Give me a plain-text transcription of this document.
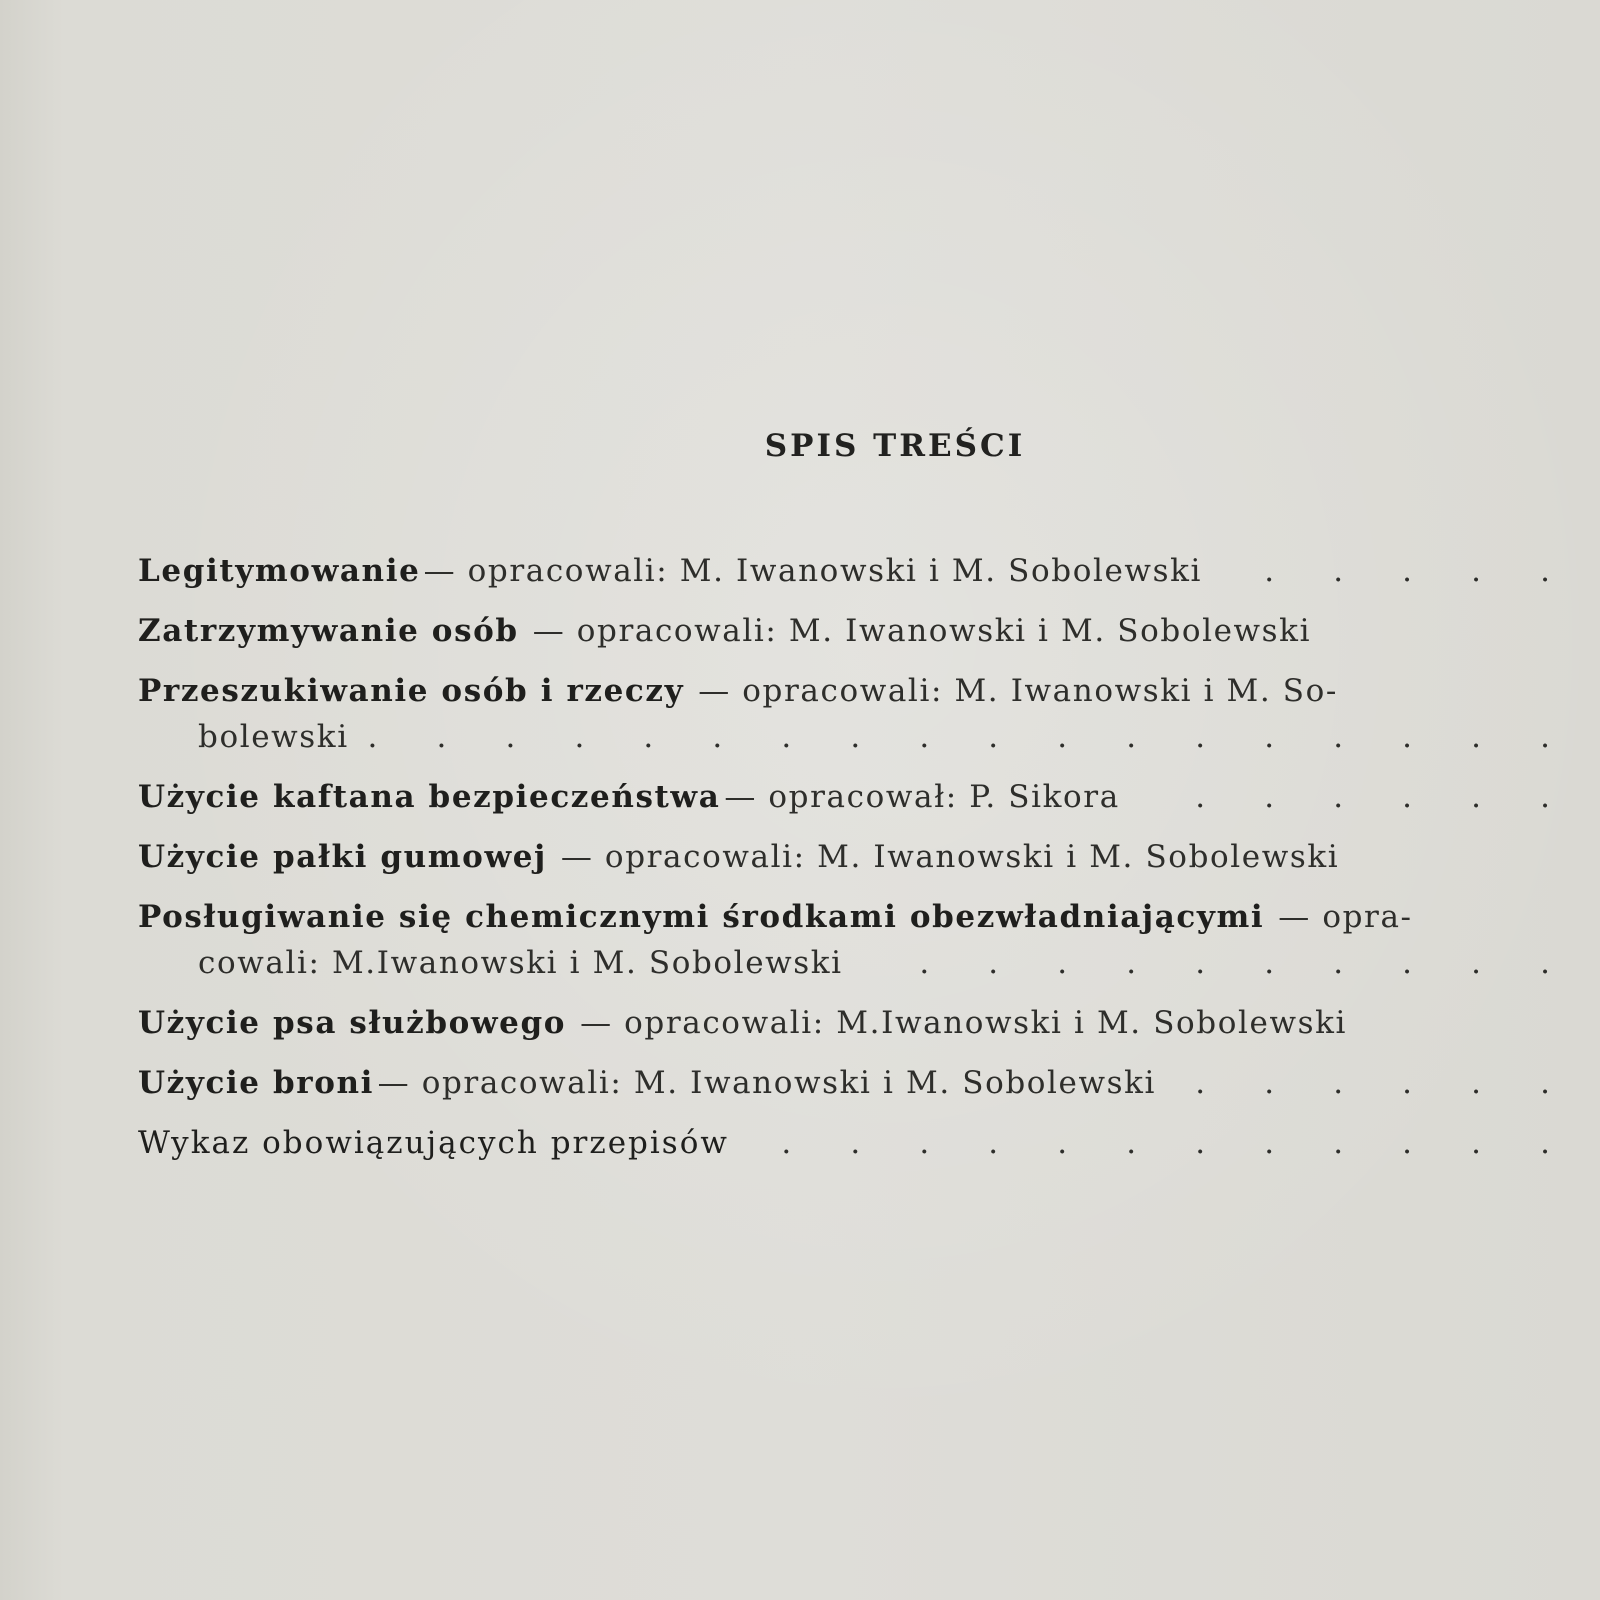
SPIS TREŚCI
Legitymowanie — opracowali: M. Iwanowski i M. Sobolewski
.
Zatrzymywanie osób — opracowali: M. Iwanowski i M. Sobolewski
Przeszukiwanie osób i rzeczy — opracowali: M. Iwanowski i M. So-
bolewski
.
Użycie kaftana bezpieczeństwa — opracował: P. Sikora
.
Użycie pałki gumowej — opracowali: M. Iwanowski i M. Sobolewski
Posługiwanie się chemicznymi środkami obezwładniającymi — opra-
cowali: M.Iwanowski i M. Sobolewski
.
Użycie psa służbowego — opracowali: M.Iwanowski i M. Sobolewski
Użycie broni — opracowali: M. Iwanowski i M. Sobolewski
.
Wykaz obowiązujących przepisów
.
